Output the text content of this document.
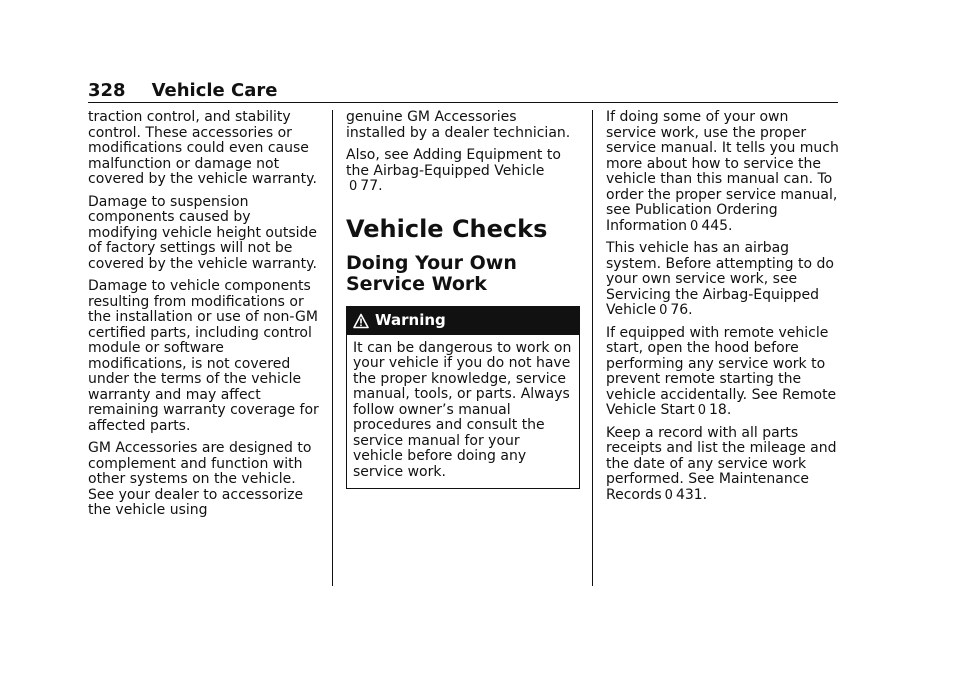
328 Vehicle Care

traction control, and stability control. These accessories or modifications could even cause malfunction or damage not covered by the vehicle warranty.

Damage to suspension components caused by modifying vehicle height outside of factory settings will not be covered by the vehicle warranty.

Damage to vehicle components resulting from modifications or the installation or use of non-GM certified parts, including control module or software modifications, is not covered under the terms of the vehicle warranty and may affect remaining warranty coverage for affected parts.

GM Accessories are designed to complement and function with other systems on the vehicle. See your dealer to accessorize the vehicle using

genuine GM Accessories installed by a dealer technician.

Also, see Adding Equipment to the Airbag-Equipped Vehicle
0 77.

Vehicle Checks
Doing Your Own Service Work
Warning
It can be dangerous to work on your vehicle if you do not have the proper knowledge, service manual, tools, or parts. Always follow owner’s manual procedures and consult the service manual for your vehicle before doing any service work.

If doing some of your own service work, use the proper service manual. It tells you much more about how to service the vehicle than this manual can. To order the proper service manual, see Publication Ordering Information 0 445.

This vehicle has an airbag system. Before attempting to do your own service work, see Servicing the Airbag-Equipped Vehicle 0 76.

If equipped with remote vehicle start, open the hood before performing any service work to prevent remote starting the vehicle accidentally. See Remote Vehicle Start 0 18.

Keep a record with all parts receipts and list the mileage and the date of any service work performed. See Maintenance Records 0 431.
